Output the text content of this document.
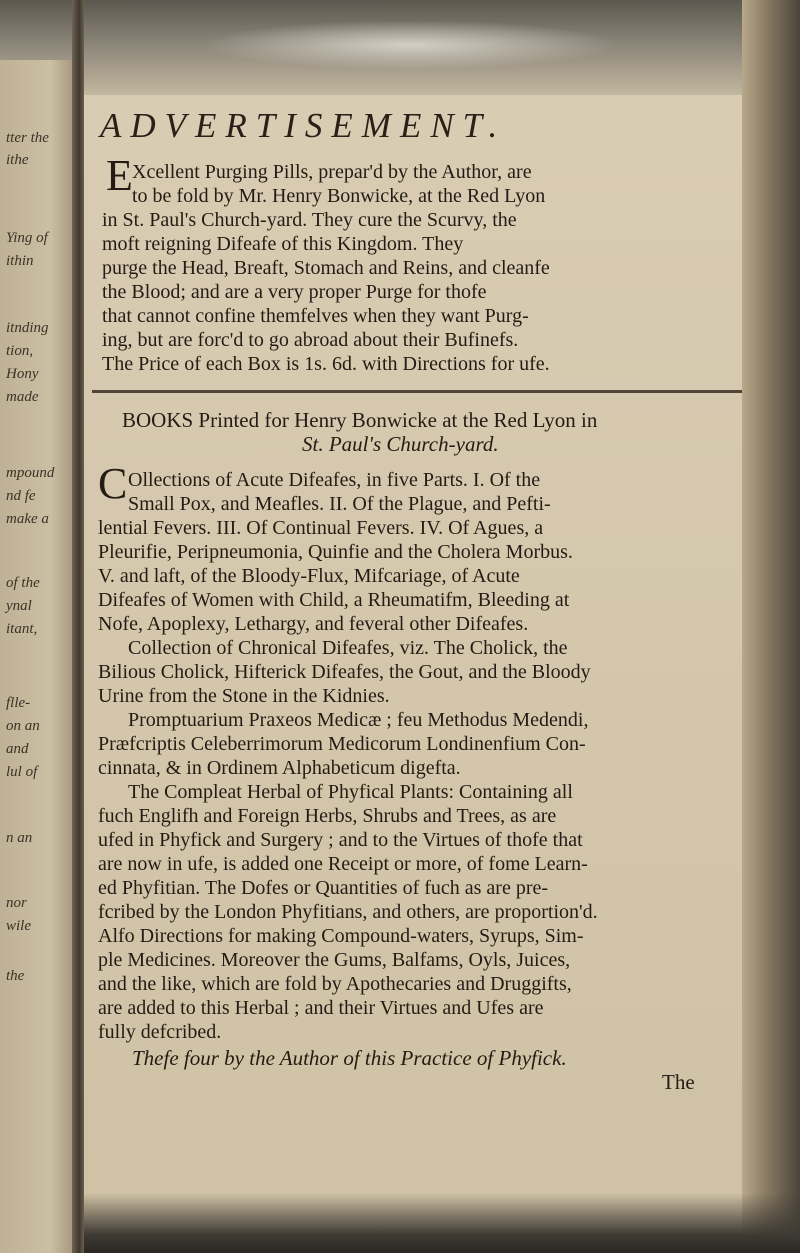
tter the
ithe
Ying of
ithin
itnding
tion,
Hony
made
mpound
nd fe
make a
of the
ynal
itant,
flle-
on an
and
lul of
n an
nor
wile
the
ADVERTISEMENT.
E Xcellent Purging Pills, prepar'd by the Author, are
to be fold by Mr. Henry Bonwicke, at the Red Lyon
in St. Paul's Church-yard. They cure the Scurvy, the
moft reigning Difeafe of this Kingdom. They
purge the Head, Breaft, Stomach and Reins, and cleanfe
the Blood; and are a very proper Purge for thofe
that cannot confine themfelves when they want Purg-
ing, but are forc'd to go abroad about their Bufinefs.
The Price of each Box is 1s. 6d. with Directions for ufe.
BOOKS Printed for Henry Bonwicke at the Red Lyon in
St. Paul's Church-yard.
C Ollections of Acute Difeafes, in five Parts. I. Of the
Small Pox, and Meafles. II. Of the Plague, and Pefti-
lential Fevers. III. Of Continual Fevers. IV. Of Agues, a
Pleurifie, Peripneumonia, Quinfie and the Cholera Morbus.
V. and laft, of the Bloody-Flux, Mifcariage, of Acute
Difeafes of Women with Child, a Rheumatifm, Bleeding at
Nofe, Apoplexy, Lethargy, and feveral other Difeafes.
Collection of Chronical Difeafes, viz. The Cholick, the
Bilious Cholick, Hifterick Difeafes, the Gout, and the Bloody
Urine from the Stone in the Kidnies.
Promptuarium Praxeos Medicæ ; feu Methodus Medendi,
Præfcriptis Celeberrimorum Medicorum Londinenfium Con-
cinnata, & in Ordinem Alphabeticum digefta.
The Compleat Herbal of Phyfical Plants: Containing all
fuch Englifh and Foreign Herbs, Shrubs and Trees, as are
ufed in Phyfick and Surgery ; and to the Virtues of thofe that
are now in ufe, is added one Receipt or more, of fome Learn-
ed Phyfitian. The Dofes or Quantities of fuch as are pre-
fcribed by the London Phyfitians, and others, are proportion'd.
Alfo Directions for making Compound-waters, Syrups, Sim-
ple Medicines. Moreover the Gums, Balfams, Oyls, Juices,
and the like, which are fold by Apothecaries and Druggifts,
are added to this Herbal ; and their Virtues and Ufes are
fully defcribed.
Thefe four by the Author of this Practice of Phyfick.
The
